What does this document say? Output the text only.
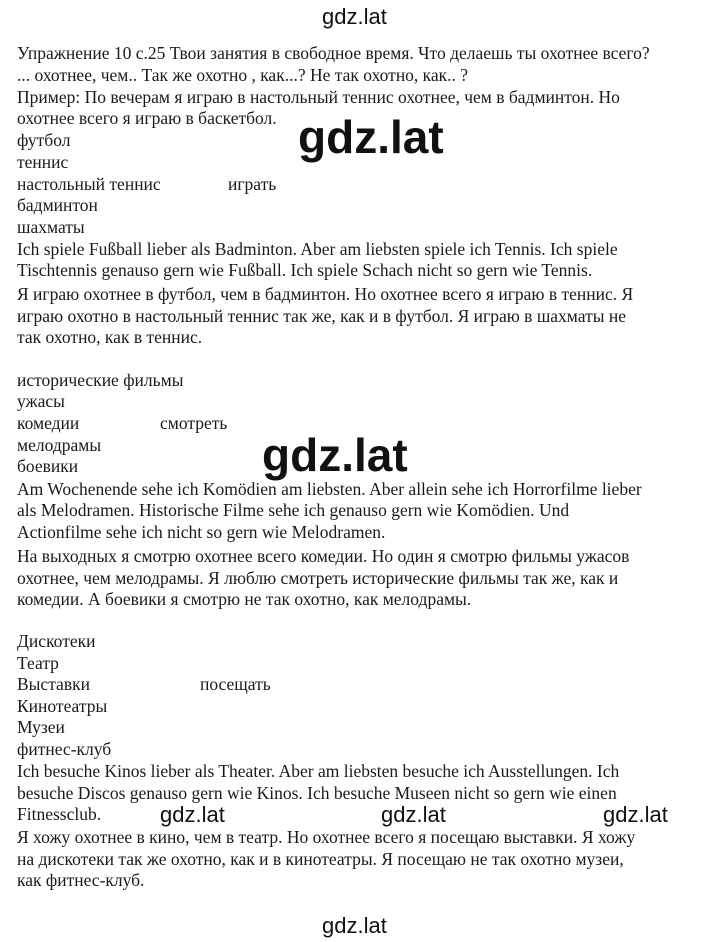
gdz.lat
Упражнение 10 с.25 Твои занятия в свободное время. Что делаешь ты охотнее всего?
... охотнее, чем.. Так же охотно , как...? Не так охотно, как.. ?
Пример: По вечерам я играю в настольный теннис охотнее, чем в бадминтон. Но
охотнее всего я играю в баскетбол. gdz.lat
футбол
теннис
настольный теннис	играть
бадминтон
шахматы
Ich spiele Fußball lieber als Badminton. Aber am liebsten spiele ich Tennis. Ich spiele
Tischtennis genauso gern wie Fußball. Ich spiele Schach nicht so gern wie Tennis.
Я играю охотнее в футбол, чем в бадминтон. Но охотнее всего я играю в теннис. Я
играю охотно в настольный теннис так же, как и в футбол. Я играю в шахматы не
так охотно, как в теннис.
исторические фильмы
ужасы
комедии	смотреть
мелодрамы	gdz.lat
боевики
Am Wochenende sehe ich Komödien am liebsten. Aber allein sehe ich Horrorfilme lieber
als Melodramen. Historische Filme sehe ich genauso gern wie Komödien. Und
Actionfilme sehe ich nicht so gern wie Melodramen.
На выходных я смотрю охотнее всего комедии. Но один я смотрю фильмы ужасов
охотнее, чем мелодрамы. Я люблю смотреть исторические фильмы так же, как и
комедии. А боевики я смотрю не так охотно, как мелодрамы.
Дискотеки
Театр
Выставки	посещать
Кинотеатры
Музеи
фитнес-клуб
Ich besuche Kinos lieber als Theater. Aber am liebsten besuche ich Ausstellungen. Ich
besuche Discos genauso gern wie Kinos. Ich besuche Museen nicht so gern wie einen
Fitnessclub.	gdz.lat	gdz.lat	gdz.lat
Я хожу охотнее в кино, чем в театр. Но охотнее всего я посещаю выставки. Я хожу
на дискотеки так же охотно, как и в кинотеатры. Я посещаю не так охотно музеи,
как фитнес-клуб.
gdz.lat
